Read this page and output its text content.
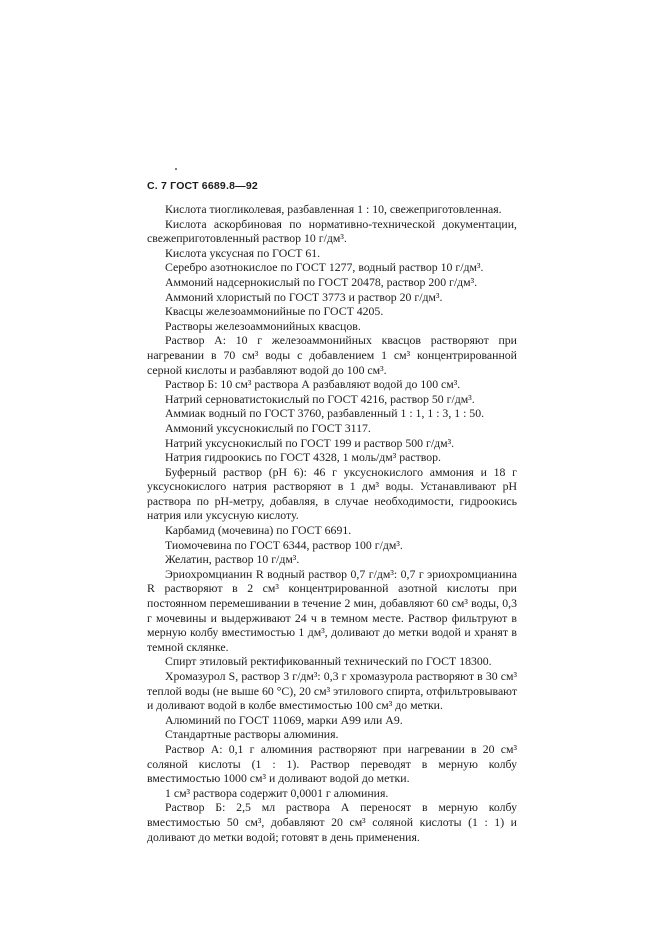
С. 7 ГОСТ 6689.8—92

Кислота тиогликолевая, разбавленная 1 : 10, свежеприготовленная.

Кислота аскорбиновая по нормативно-технической документации, свежеприготовленный раствор 10 г/дм³.

Кислота уксусная по ГОСТ 61.

Серебро азотнокислое по ГОСТ 1277, водный раствор 10 г/дм³.

Аммоний надсернокислый по ГОСТ 20478, раствор 200 г/дм³.

Аммоний хлористый по ГОСТ 3773 и раствор 20 г/дм³.

Квасцы железоаммонийные по ГОСТ 4205.

Растворы железоаммонийных квасцов.

Раствор А: 10 г железоаммонийных квасцов растворяют при нагревании в 70 см³ воды с добавлением 1 см³ концентрированной серной кислоты и разбавляют водой до 100 см³.

Раствор Б: 10 см³ раствора А разбавляют водой до 100 см³.

Натрий серноватистокислый по ГОСТ 4216, раствор 50 г/дм³.

Аммиак водный по ГОСТ 3760, разбавленный 1 : 1, 1 : 3, 1 : 50.

Аммоний уксуснокислый по ГОСТ 3117.

Натрий уксуснокислый по ГОСТ 199 и раствор 500 г/дм³.

Натрия гидроокись по ГОСТ 4328, 1 моль/дм³ раствор.

Буферный раствор (рН 6): 46 г уксуснокислого аммония и 18 г уксуснокислого натрия растворяют в 1 дм³ воды. Устанавливают рН раствора по рН-метру, добавляя, в случае необходимости, гидроокись натрия или уксусную кислоту.

Карбамид (мочевина) по ГОСТ 6691.

Тиомочевина по ГОСТ 6344, раствор 100 г/дм³.

Желатин, раствор 10 г/дм³.

Эриохромцианин R водный раствор 0,7 г/дм³: 0,7 г эриохромцианина R растворяют в 2 см³ концентрированной азотной кислоты при постоянном перемешивании в течение 2 мин, добавляют 60 см³ воды, 0,3 г мочевины и выдерживают 24 ч в темном месте. Раствор фильтруют в мерную колбу вместимостью 1 дм³, доливают до метки водой и хранят в темной склянке.

Спирт этиловый ректификованный технический по ГОСТ 18300.

Хромазурол S, раствор 3 г/дм³: 0,3 г хромазурола растворяют в 30 см³ теплой воды (не выше 60 °С), 20 см³ этилового спирта, отфильтровывают и доливают водой в колбе вместимостью 100 см³ до метки.

Алюминий по ГОСТ 11069, марки А99 или А9.

Стандартные растворы алюминия.

Раствор А: 0,1 г алюминия растворяют при нагревании в 20 см³ соляной кислоты (1 : 1). Раствор переводят в мерную колбу вместимостью 1000 см³ и доливают водой до метки.

1 см³ раствора содержит 0,0001 г алюминия.

Раствор Б: 2,5 мл раствора А переносят в мерную колбу вместимостью 50 см³, добавляют 20 см³ соляной кислоты (1 : 1) и доливают до метки водой; готовят в день применения.
